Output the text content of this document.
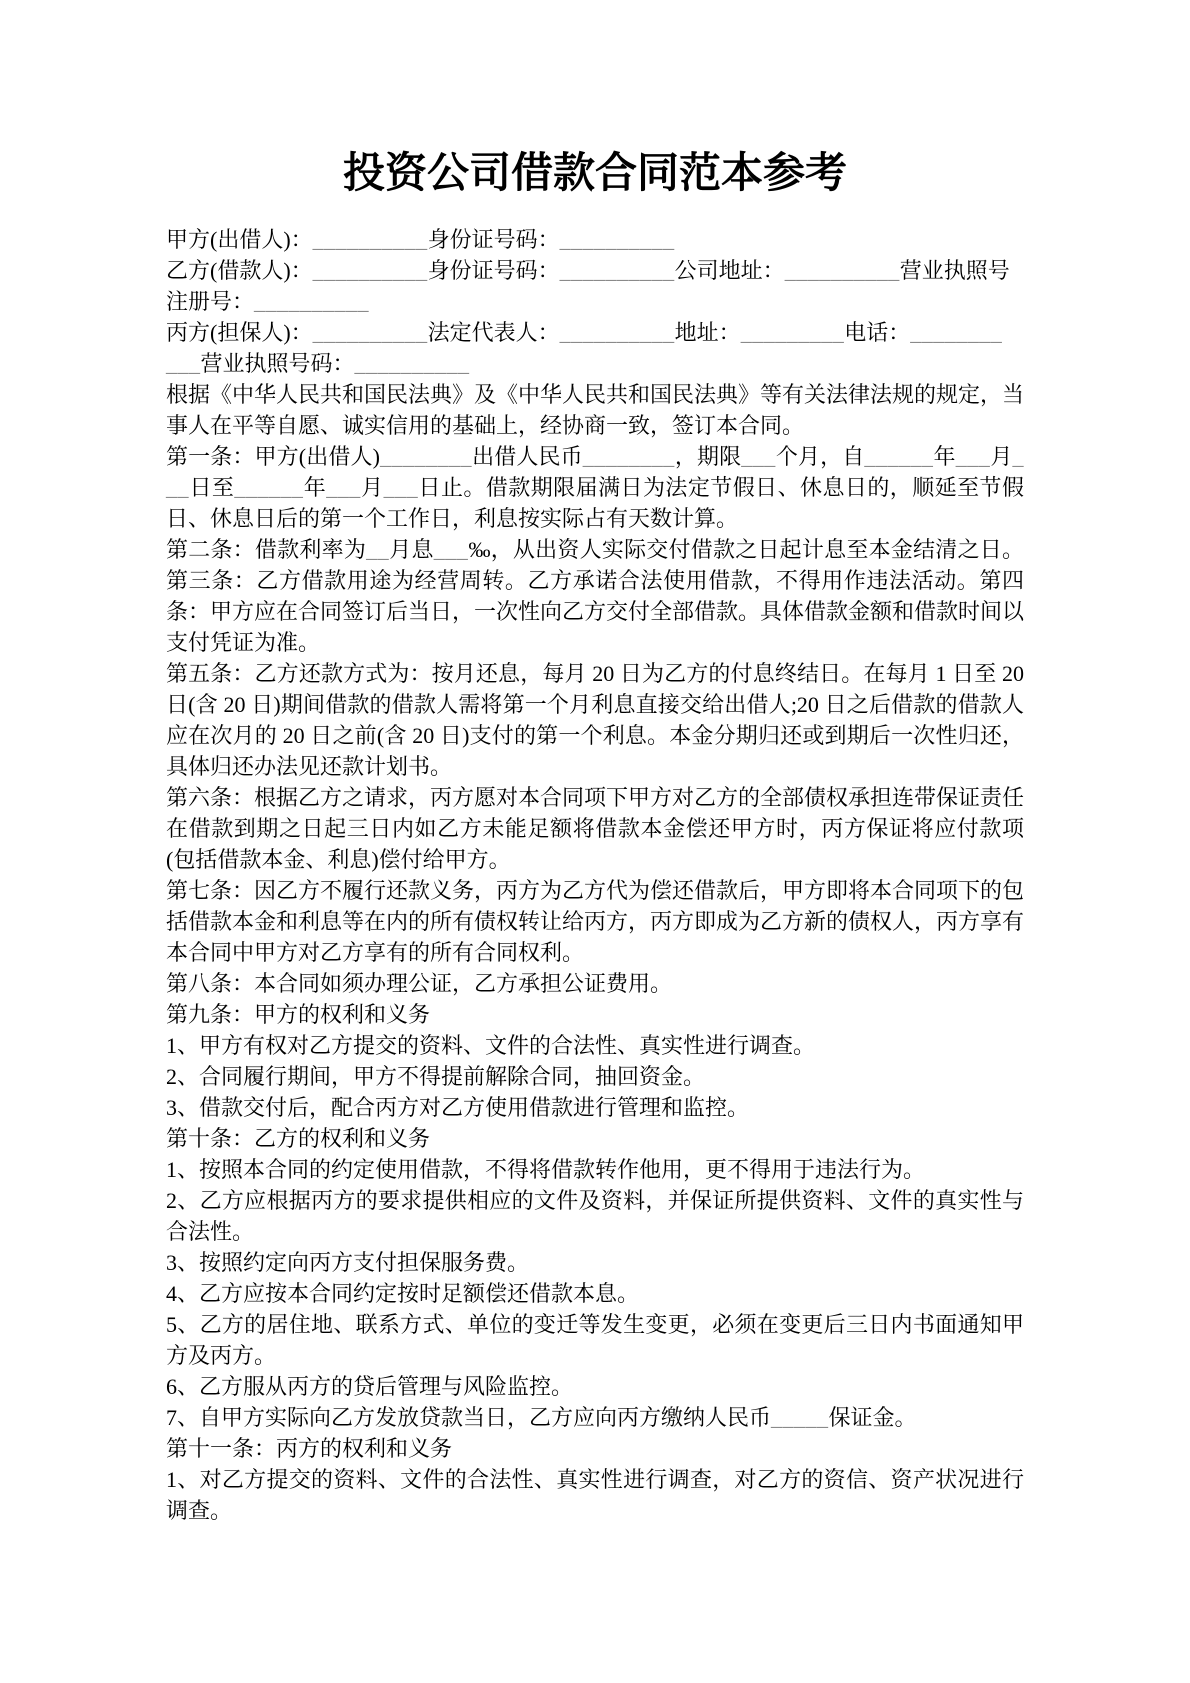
投资公司借款合同范本参考

甲方(出借人)：__________身份证号码：__________

乙方(借款人)：__________身份证号码：__________公司地址：__________营业执照号

注册号：__________

丙方(担保人)：__________法定代表人：__________地址：_________电话：________

___营业执照号码：__________

根据《中华人民共和国民法典》及《中华人民共和国民法典》等有关法律法规的规定，当事人在平等自愿、诚实信用的基础上，经协商一致，签订本合同。

第一条：甲方(出借人)________出借人民币________，期限___个月，自______年___月___日至______年___月___日止。借款期限届满日为法定节假日、休息日的，顺延至节假日、休息日后的第一个工作日，利息按实际占有天数计算。

第二条：借款利率为__月息___‰，从出资人实际交付借款之日起计息至本金结清之日。第三条：乙方借款用途为经营周转。乙方承诺合法使用借款，不得用作违法活动。第四条：甲方应在合同签订后当日，一次性向乙方交付全部借款。具体借款金额和借款时间以支付凭证为准。

第五条：乙方还款方式为：按月还息，每月 20 日为乙方的付息终结日。在每月 1 日至 20 日(含 20 日)期间借款的借款人需将第一个月利息直接交给出借人;20 日之后借款的借款人应在次月的 20 日之前(含 20 日)支付的第一个利息。本金分期归还或到期后一次性归还，具体归还办法见还款计划书。

第六条：根据乙方之请求，丙方愿对本合同项下甲方对乙方的全部债权承担连带保证责任在借款到期之日起三日内如乙方未能足额将借款本金偿还甲方时，丙方保证将应付款项(包括借款本金、利息)偿付给甲方。

第七条：因乙方不履行还款义务，丙方为乙方代为偿还借款后，甲方即将本合同项下的包括借款本金和利息等在内的所有债权转让给丙方，丙方即成为乙方新的债权人，丙方享有本合同中甲方对乙方享有的所有合同权利。

第八条：本合同如须办理公证，乙方承担公证费用。

第九条：甲方的权利和义务

1、甲方有权对乙方提交的资料、文件的合法性、真实性进行调查。

2、合同履行期间，甲方不得提前解除合同，抽回资金。

3、借款交付后，配合丙方对乙方使用借款进行管理和监控。

第十条：乙方的权利和义务

1、按照本合同的约定使用借款，不得将借款转作他用，更不得用于违法行为。

2、乙方应根据丙方的要求提供相应的文件及资料，并保证所提供资料、文件的真实性与合法性。

3、按照约定向丙方支付担保服务费。

4、乙方应按本合同约定按时足额偿还借款本息。

5、乙方的居住地、联系方式、单位的变迁等发生变更，必须在变更后三日内书面通知甲方及丙方。

6、乙方服从丙方的贷后管理与风险监控。

7、自甲方实际向乙方发放贷款当日，乙方应向丙方缴纳人民币_____保证金。

第十一条：丙方的权利和义务

1、对乙方提交的资料、文件的合法性、真实性进行调查，对乙方的资信、资产状况进行调查。
